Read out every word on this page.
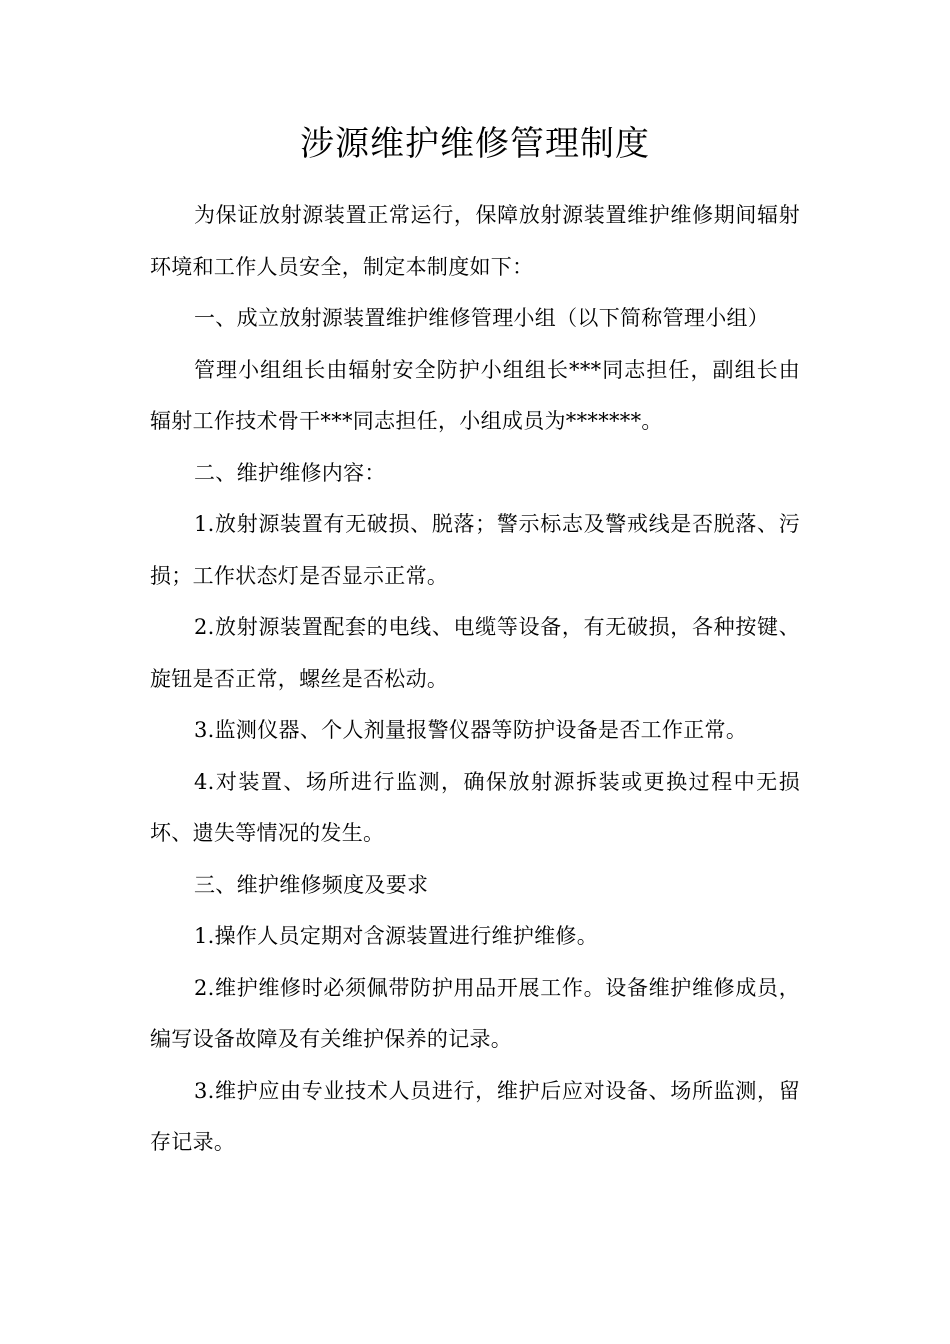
涉源维护维修管理制度

为保证放射源装置正常运行，保障放射源装置维护维修期间辐射环境和工作人员安全，制定本制度如下：

一、成立放射源装置维护维修管理小组（以下简称管理小组）

管理小组组长由辐射安全防护小组组长***同志担任，副组长由辐射工作技术骨干***同志担任，小组成员为*******。

二、维护维修内容：

1.放射源装置有无破损、脱落；警示标志及警戒线是否脱落、污损；工作状态灯是否显示正常。

2.放射源装置配套的电线、电缆等设备，有无破损，各种按键、旋钮是否正常，螺丝是否松动。

3.监测仪器、个人剂量报警仪器等防护设备是否工作正常。

4.对装置、场所进行监测，确保放射源拆装或更换过程中无损坏、遗失等情况的发生。

三、维护维修频度及要求

1.操作人员定期对含源装置进行维护维修。

2.维护维修时必须佩带防护用品开展工作。设备维护维修成员，编写设备故障及有关维护保养的记录。

3.维护应由专业技术人员进行，维护后应对设备、场所监测，留存记录。
